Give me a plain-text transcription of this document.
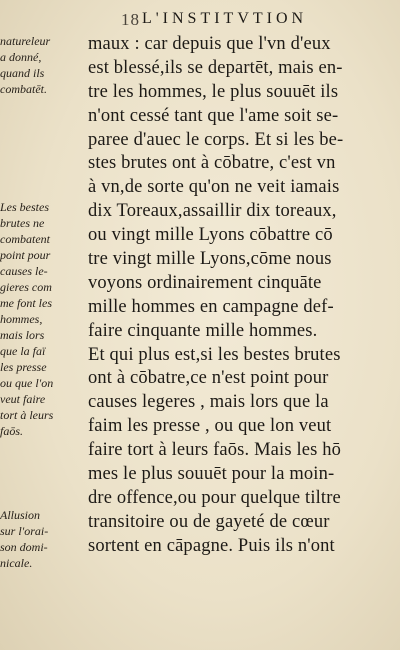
18 L'INSTITVTION
natureleur
a donné,
quand ils
combatēt.
Les bestes
brutes ne
combatent
point pour
causes le-
gieres com
me font les
hommes,
mais lors
que la faï
les presse
ou que l'on
veut faire
tort à leurs
faōs.
Allusion
sur l'orai-
son domi-
nicale.
maux : car depuis que l'vn d'eux
est blessé,ils se departēt, mais en-
tre les hommes, le plus souuēt ils
n'ont cessé tant que l'ame soit se-
paree d'auec le corps. Et si les be-
stes brutes ont à cōbatre, c'est vn
à vn,de sorte qu'on ne veit iamais
dix Toreaux,assaillir dix toreaux,
ou vingt mille Lyons cōbattre cō
tre vingt mille Lyons,cōme nous
voyons ordinairement cinquāte
mille hommes en campagne def-
faire cinquante mille hommes.
Et qui plus est,si les bestes brutes
ont à cōbatre,ce n'est point pour
causes legeres , mais lors que la
faim les presse , ou que lon veut
faire tort à leurs faōs. Mais les hō
mes le plus souuēt pour la moin-
dre offence,ou pour quelque tiltre
transitoire ou de gayeté de cœur
sortent en cāpagne. Puis ils n'ont
